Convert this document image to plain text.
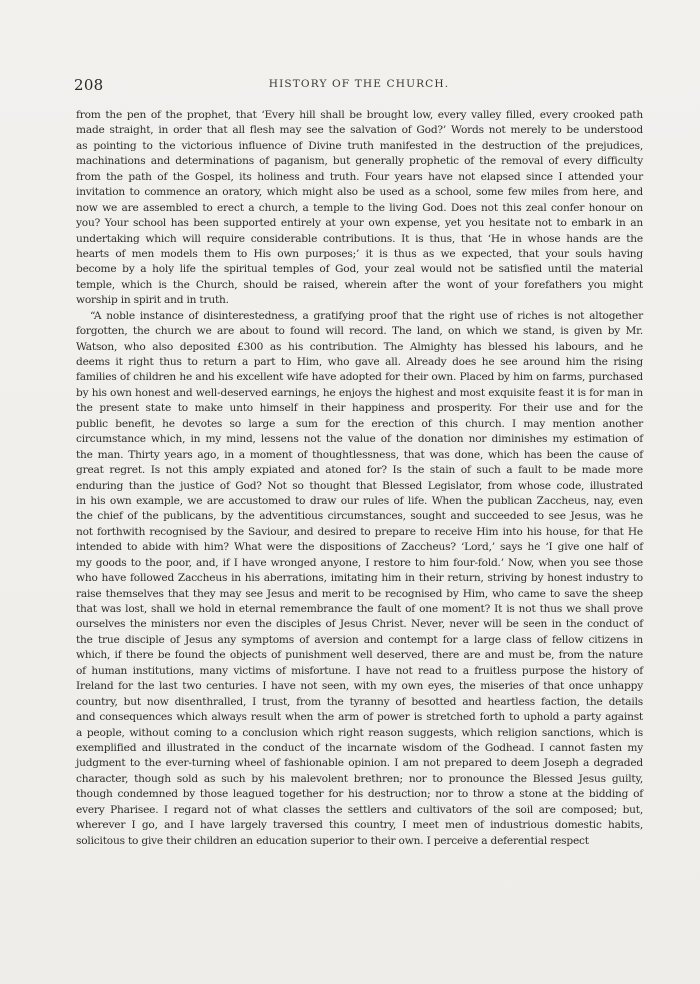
208	HISTORY OF THE CHURCH.
from the pen of the prophet, that ‘Every hill shall be brought low, every valley filled, every crooked path
made straight, in order that all flesh may see the salvation of God?’ Words not merely to be understood
as pointing to the victorious influence of Divine truth manifested in the destruction of the prejudices,
machinations and determinations of paganism, but generally prophetic of the removal of every difficulty
from the path of the Gospel, its holiness and truth. Four years have not elapsed since I attended your
invitation to commence an oratory, which might also be used as a school, some few miles from here, and
now we are assembled to erect a church, a temple to the living God. Does not this zeal confer honour on
you? Your school has been supported entirely at your own expense, yet you hesitate not to embark in an
undertaking which will require considerable contributions. It is thus, that ‘He in whose hands are the
hearts of men models them to His own purposes;’ it is thus as we expected, that your souls having
become by a holy life the spiritual temples of God, your zeal would not be satisfied until the material
temple, which is the Church, should be raised, wherein after the wont of your forefathers you might
worship in spirit and in truth.
“A noble instance of disinterestedness, a gratifying proof that the right use of riches is not altogether
forgotten, the church we are about to found will record. The land, on which we stand, is given by Mr.
Watson, who also deposited £300 as his contribution. The Almighty has blessed his labours, and he
deems it right thus to return a part to Him, who gave all. Already does he see around him the rising
families of children he and his excellent wife have adopted for their own. Placed by him on farms, purchased
by his own honest and well-deserved earnings, he enjoys the highest and most exquisite feast it is for man in
the present state to make unto himself in their happiness and prosperity. For their use and for the
public benefit, he devotes so large a sum for the erection of this church. I may mention another
circumstance which, in my mind, lessens not the value of the donation nor diminishes my estimation of
the man. Thirty years ago, in a moment of thoughtlessness, that was done, which has been the cause of
great regret. Is not this amply expiated and atoned for? Is the stain of such a fault to be made more
enduring than the justice of God? Not so thought that Blessed Legislator, from whose code, illustrated
in his own example, we are accustomed to draw our rules of life. When the publican Zaccheus, nay, even
the chief of the publicans, by the adventitious circumstances, sought and succeeded to see Jesus, was he
not forthwith recognised by the Saviour, and desired to prepare to receive Him into his house, for that He
intended to abide with him? What were the dispositions of Zaccheus? ‘Lord,’ says he ‘I give one half of
my goods to the poor, and, if I have wronged anyone, I restore to him four-fold.’ Now, when you see those
who have followed Zaccheus in his aberrations, imitating him in their return, striving by honest industry to
raise themselves that they may see Jesus and merit to be recognised by Him, who came to save the sheep
that was lost, shall we hold in eternal remembrance the fault of one moment? It is not thus we shall prove
ourselves the ministers nor even the disciples of Jesus Christ. Never, never will be seen in the conduct of
the true disciple of Jesus any symptoms of aversion and contempt for a large class of fellow citizens in
which, if there be found the objects of punishment well deserved, there are and must be, from the nature
of human institutions, many victims of misfortune. I have not read to a fruitless purpose the history of
Ireland for the last two centuries. I have not seen, with my own eyes, the miseries of that once unhappy
country, but now disenthralled, I trust, from the tyranny of besotted and heartless faction, the details
and consequences which always result when the arm of power is stretched forth to uphold a party against
a people, without coming to a conclusion which right reason suggests, which religion sanctions, which is
exemplified and illustrated in the conduct of the incarnate wisdom of the Godhead. I cannot fasten my
judgment to the ever-turning wheel of fashionable opinion. I am not prepared to deem Joseph a degraded
character, though sold as such by his malevolent brethren; nor to pronounce the Blessed Jesus guilty,
though condemned by those leagued together for his destruction; nor to throw a stone at the bidding of
every Pharisee. I regard not of what classes the settlers and cultivators of the soil are composed; but,
wherever I go, and I have largely traversed this country, I meet men of industrious domestic habits,
solicitous to give their children an education superior to their own. I perceive a deferential respect
